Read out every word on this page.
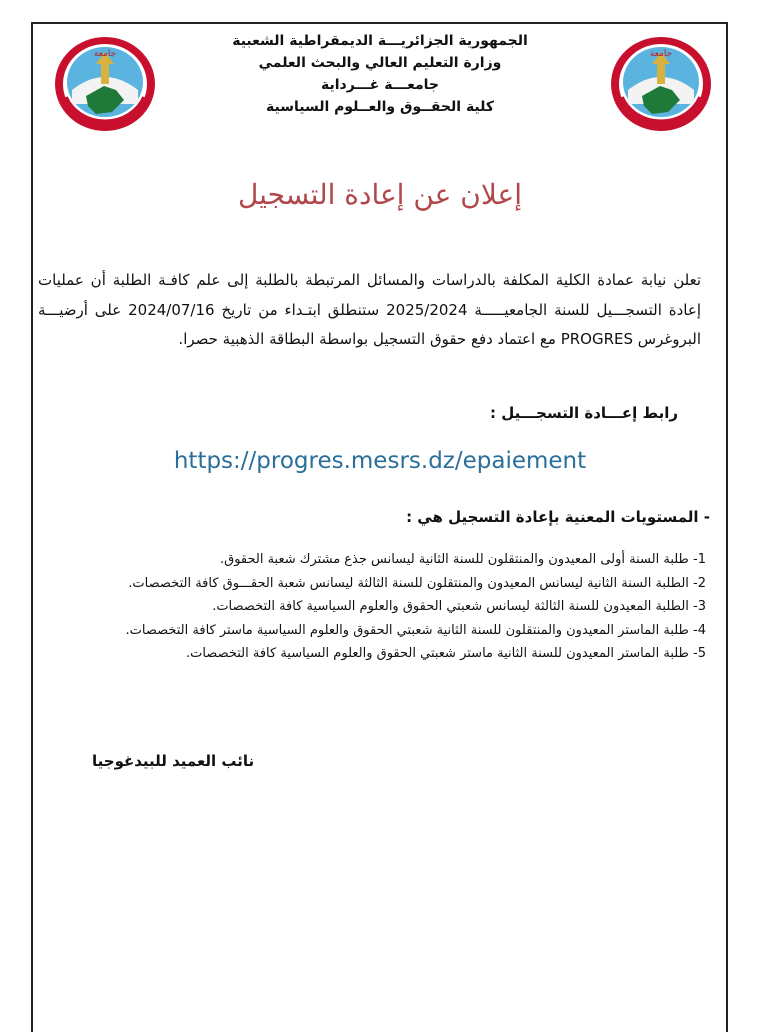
جامعة	جامعة
الجمهورية الجزائريـــة الديمقراطية الشعبية
وزارة التعليم العالي والبحث العلمي
جامعـــة غـــرداية
كلية الحقــوق والعــلوم السياسية
إعلان عن إعادة التسجيل
تعلن نيابة عمادة الكلية المكلفة بالدراسات والمسائل المرتبطة بالطلبة إلى علم كافـة الطلبة أن عمليات إعادة التسجـــيل للسنة الجامعيـــــة 2025/2024 ستنطلق ابتـداء من تاريخ 2024/07/16 على أرضيـــة البروغرس PROGRES مع اعتماد دفع حقوق التسجيل بواسطة البطاقة الذهبية حصرا.
رابط إعـــادة التسجـــيل :
https://progres.mesrs.dz/epaiement
- المستويات المعنية بإعادة التسجيل هي :
1- طلبة السنة أولى المعيدون والمنتقلون للسنة الثانية ليسانس جذع مشترك شعبة الحقوق.
2- الطلبة السنة الثانية ليسانس المعيدون والمنتقلون للسنة الثالثة ليسانس شعبة الحقـــوق كافة التخصصات.
3- الطلبة المعيدون للسنة الثالثة ليسانس شعبتي الحقوق والعلوم السياسية كافة التخصصات.
4- طلبة الماستر المعيدون والمنتقلون للسنة الثانية شعبتي الحقوق والعلوم السياسية ماستر كافة التخصصات.
5- طلبة الماستر المعيدون للسنة الثانية ماستر شعبتي الحقوق والعلوم السياسية كافة التخصصات.
نائب العميد للبيدغوجيا
